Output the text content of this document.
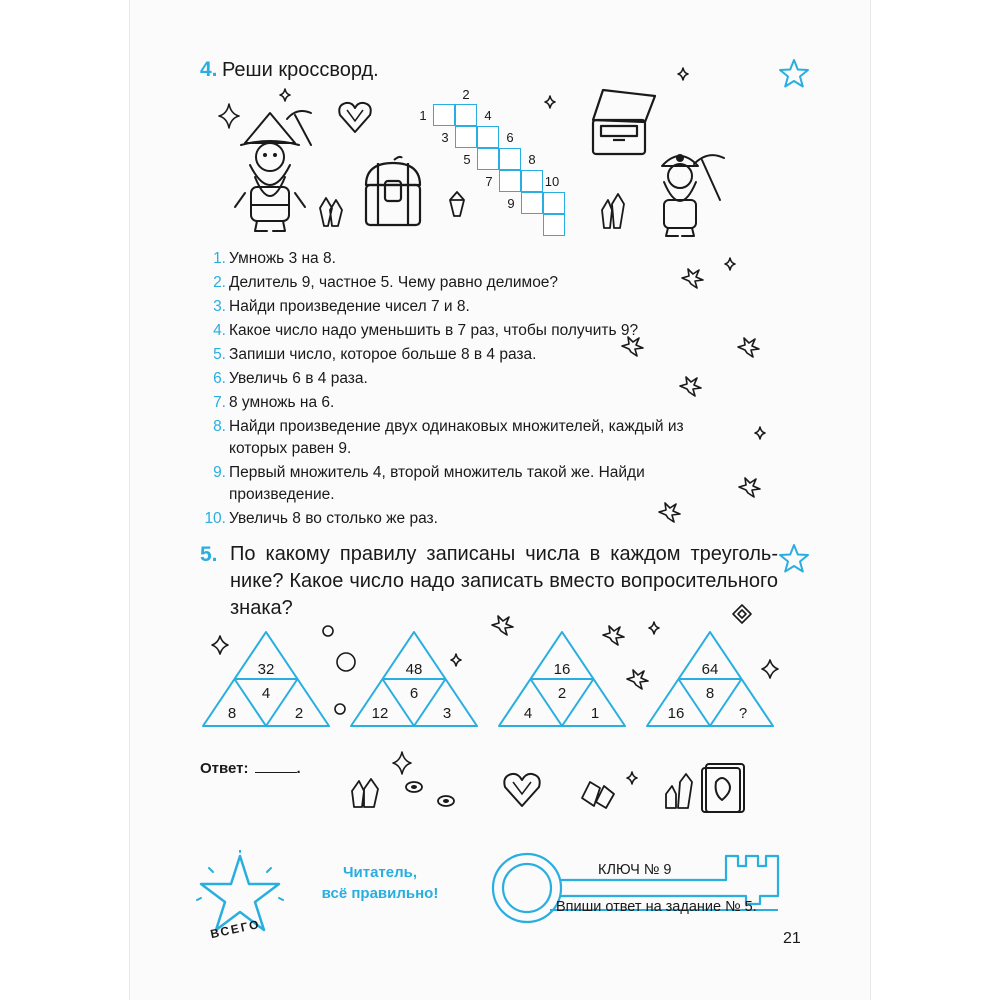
4. Реши кроссворд.
1
2
3
4
5
6
7
8
9
10
1. Умножь 3 на 8.
2. Делитель 9, частное 5. Чему равно делимое?
3. Найди произведение чисел 7 и 8.
4. Какое число надо уменьшить в 7 раз, чтобы получить 9?
5. Запиши число, которое больше 8 в 4 раза.
6. Увеличь 6 в 4 раза.
7. 8 умножь на 6.
8. Найди произведение двух одинаковых множителей, каждый из которых равен 9.
9. Первый множитель 4, второй множитель такой же. Найди произведение.
10. Увеличь 8 во столько же раз.
5. По какому правилу записаны числа в каждом треугольнике? Какое число надо записать вместо вопросительного знака?
32
4
8	2
48
6
12	3
16
2
4	1
64
8
16	?
Ответ:	.
ВСЕГО
Читатель,
всё правильно!
КЛЮЧ № 9
Впиши ответ на задание № 5.
21
